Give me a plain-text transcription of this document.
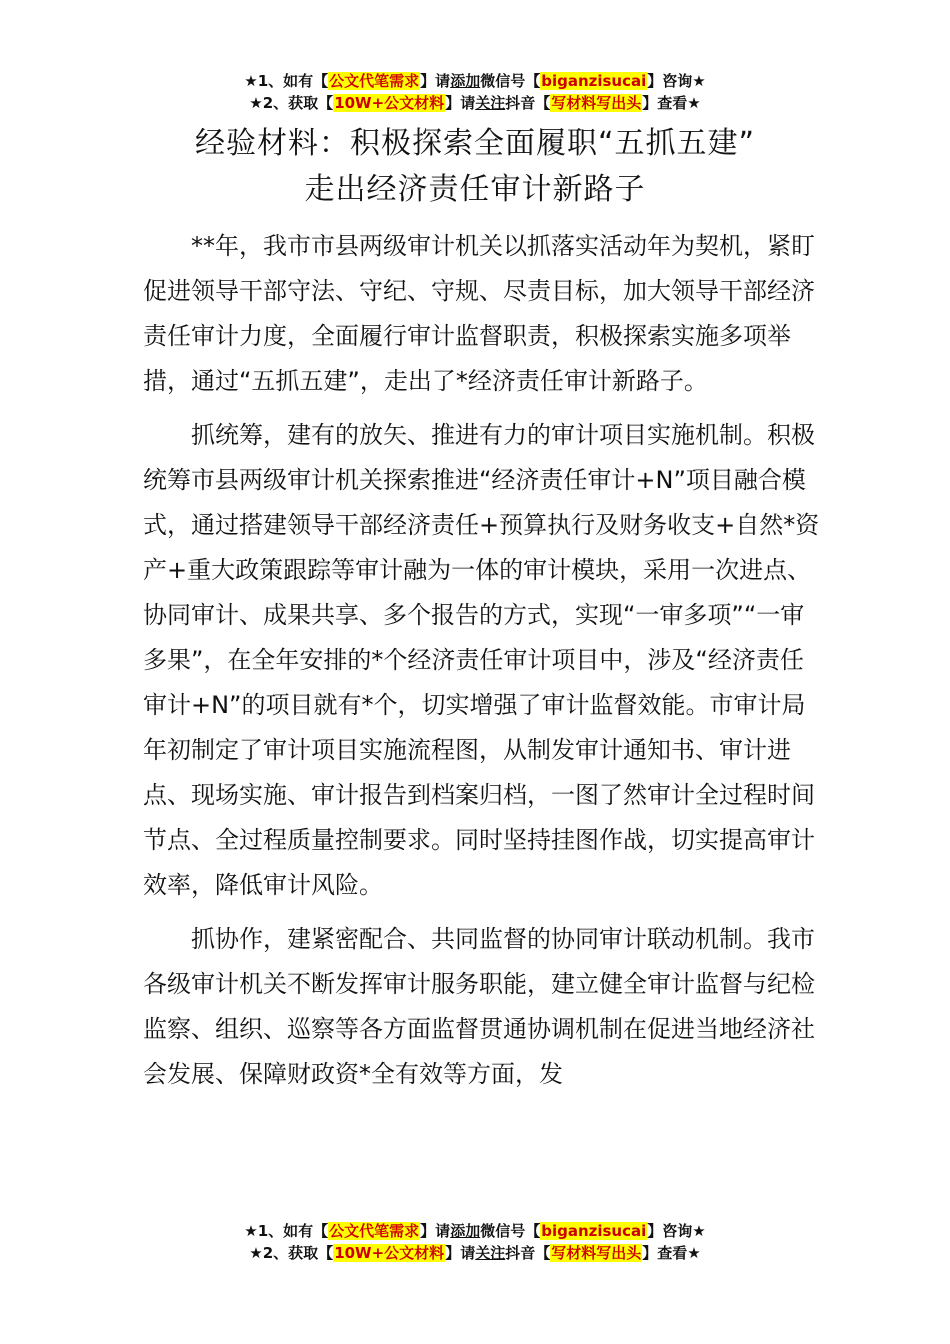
★1、如有【公文代笔需求】请添加微信号【biganzisucai】咨询★
★2、获取【10W+公文材料】请关注抖音【写材料写出头】查看★
经验材料：积极探索全面履职“五抓五建”
走出经济责任审计新路子

**年，我市市县两级审计机关以抓落实活动年为契机，紧盯促进领导干部守法、守纪、守规、尽责目标，加大领导干部经济责任审计力度，全面履行审计监督职责，积极探索实施多项举措，通过“五抓五建”，走出了*经济责任审计新路子。

抓统筹，建有的放矢、推进有力的审计项目实施机制。积极统筹市县两级审计机关探索推进“经济责任审计+N”项目融合模式，通过搭建领导干部经济责任+预算执行及财务收支+自然*资产+重大政策跟踪等审计融为一体的审计模块，采用一次进点、协同审计、成果共享、多个报告的方式，实现“一审多项”“一审多果”，在全年安排的*个经济责任审计项目中，涉及“经济责任审计+N”的项目就有*个，切实增强了审计监督效能。市审计局年初制定了审计项目实施流程图，从制发审计通知书、审计进点、现场实施、审计报告到档案归档，一图了然审计全过程时间节点、全过程质量控制要求。同时坚持挂图作战，切实提高审计效率，降低审计风险。

抓协作，建紧密配合、共同监督的协同审计联动机制。我市各级审计机关不断发挥审计服务职能，建立健全审计监督与纪检监察、组织、巡察等各方面监督贯通协调机制在促进当地经济社会发展、保障财政资*全有效等方面，发

★1、如有【公文代笔需求】请添加微信号【biganzisucai】咨询★
★2、获取【10W+公文材料】请关注抖音【写材料写出头】查看★
